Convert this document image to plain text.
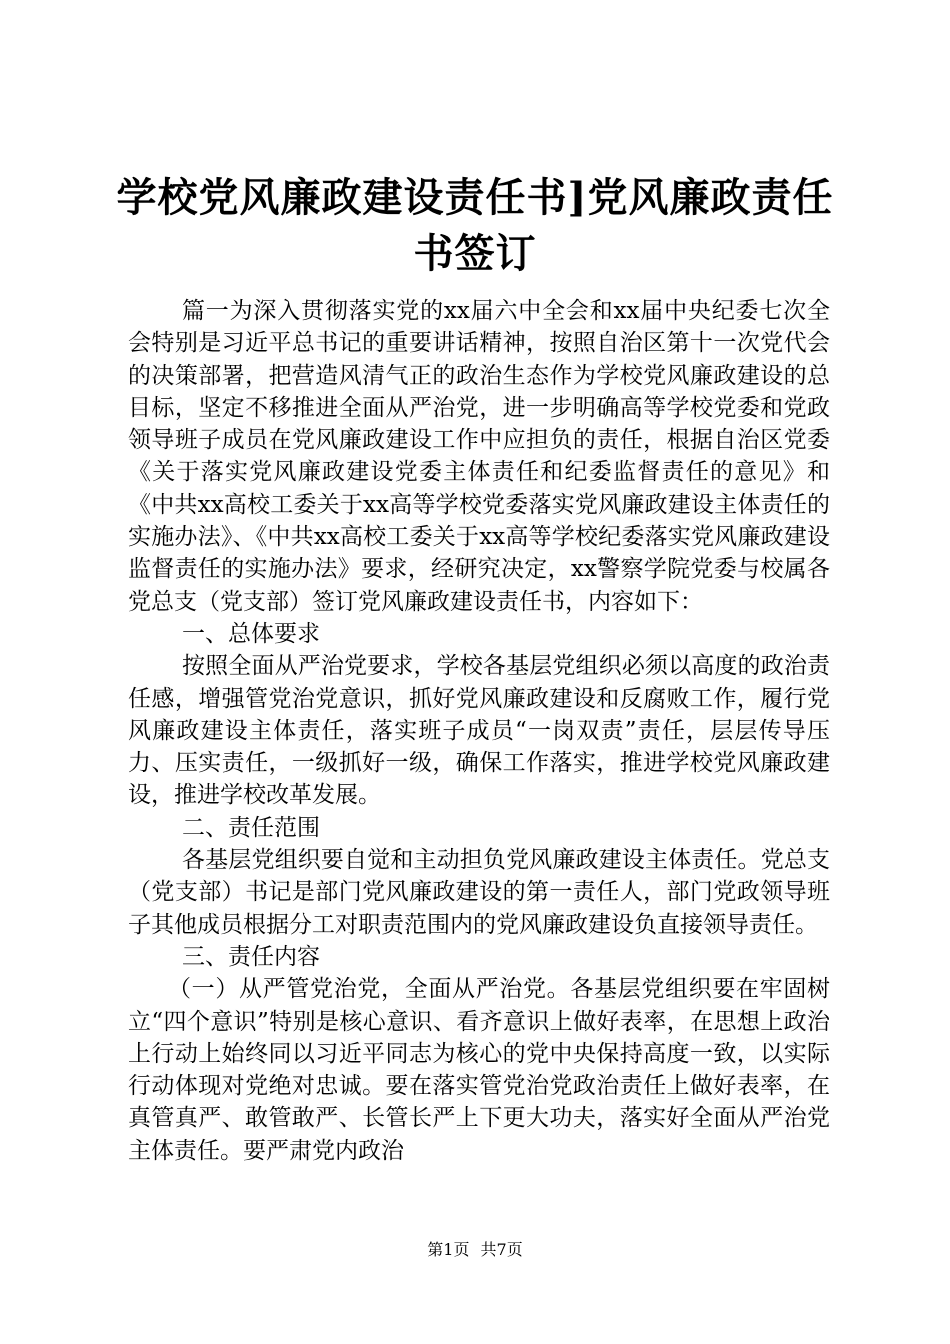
学校党风廉政建设责任书]党风廉政责任书签订

篇一为深入贯彻落实党的xx届六中全会和xx届中央纪委七次全会特别是习近平总书记的重要讲话精神，按照自治区第十一次党代会的决策部署，把营造风清气正的政治生态作为学校党风廉政建设的总目标，坚定不移推进全面从严治党，进一步明确高等学校党委和党政领导班子成员在党风廉政建设工作中应担负的责任，根据自治区党委《关于落实党风廉政建设党委主体责任和纪委监督责任的意见》和《中共xx高校工委关于xx高等学校党委落实党风廉政建设主体责任的实施办法》、《中共xx高校工委关于xx高等学校纪委落实党风廉政建设监督责任的实施办法》要求，经研究决定，xx警察学院党委与校属各党总支（党支部）签订党风廉政建设责任书，内容如下：

一、总体要求

按照全面从严治党要求，学校各基层党组织必须以高度的政治责任感，增强管党治党意识，抓好党风廉政建设和反腐败工作，履行党风廉政建设主体责任，落实班子成员“一岗双责”责任，层层传导压力、压实责任，一级抓好一级，确保工作落实，推进学校党风廉政建设，推进学校改革发展。

二、责任范围

各基层党组织要自觉和主动担负党风廉政建设主体责任。党总支（党支部）书记是部门党风廉政建设的第一责任人，部门党政领导班子其他成员根据分工对职责范围内的党风廉政建设负直接领导责任。

三、责任内容

（一）从严管党治党，全面从严治党。各基层党组织要在牢固树立“四个意识”特别是核心意识、看齐意识上做好表率，在思想上政治上行动上始终同以习近平同志为核心的党中央保持高度一致，以实际行动体现对党绝对忠诚。要在落实管党治党政治责任上做好表率，在真管真严、敢管敢严、长管长严上下更大功夫，落实好全面从严治党主体责任。要严肃党内政治

第1页 共7页
